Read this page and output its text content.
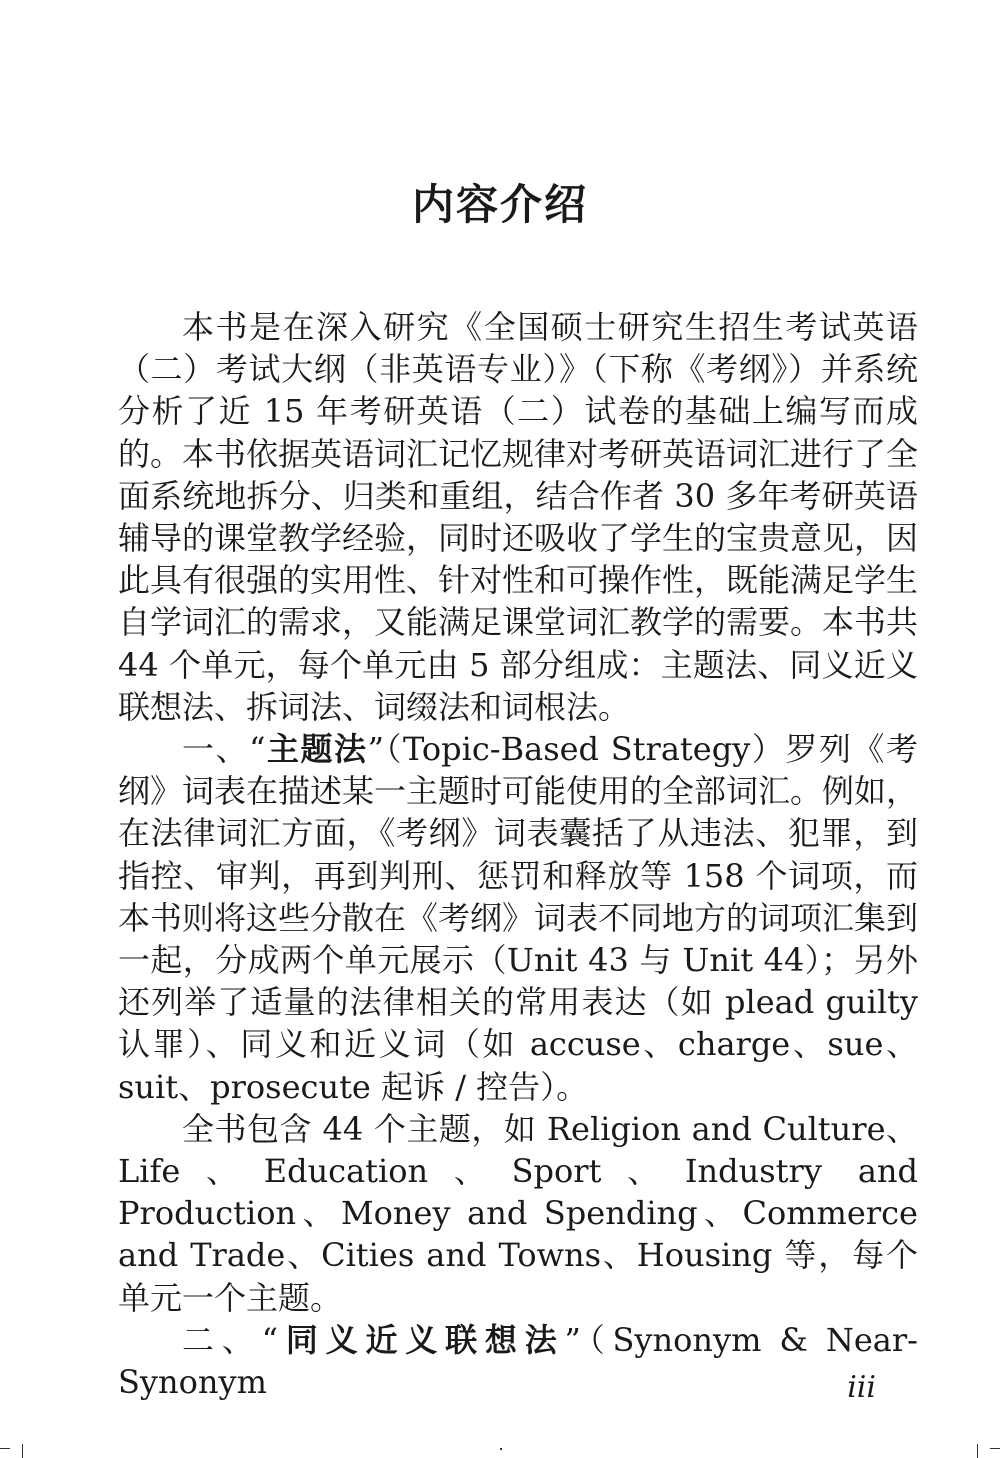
内容介绍

本书是在深入研究《全国硕士研究生招生考试英语（二）考试大纲（非英语专业）》（下称《考纲》）并系统分析了近 15 年考研英语（二）试卷的基础上编写而成的。本书依据英语词汇记忆规律对考研英语词汇进行了全面系统地拆分、归类和重组，结合作者 30 多年考研英语辅导的课堂教学经验，同时还吸收了学生的宝贵意见，因此具有很强的实用性、针对性和可操作性，既能满足学生自学词汇的需求，又能满足课堂词汇教学的需要。本书共 44 个单元，每个单元由 5 部分组成：主题法、同义近义联想法、拆词法、词缀法和词根法。

一、“主题法”（Topic-Based Strategy）罗列《考纲》词表在描述某一主题时可能使用的全部词汇。例如，在法律词汇方面，《考纲》词表囊括了从违法、犯罪，到指控、审判，再到判刑、惩罚和释放等 158 个词项，而本书则将这些分散在《考纲》词表不同地方的词项汇集到一起，分成两个单元展示（Unit 43 与 Unit 44）；另外还列举了适量的法律相关的常用表达（如 plead guilty 认罪）、同义和近义词（如 accuse、charge、sue、suit、prosecute 起诉 / 控告）。

全书包含 44 个主题，如 Religion and Culture、Life、Education、Sport、Industry and Production、Money and Spending、Commerce and Trade、Cities and Towns、Housing 等，每个单元一个主题。

二、“同义近义联想法”（Synonym & Near-Synonym	iii
